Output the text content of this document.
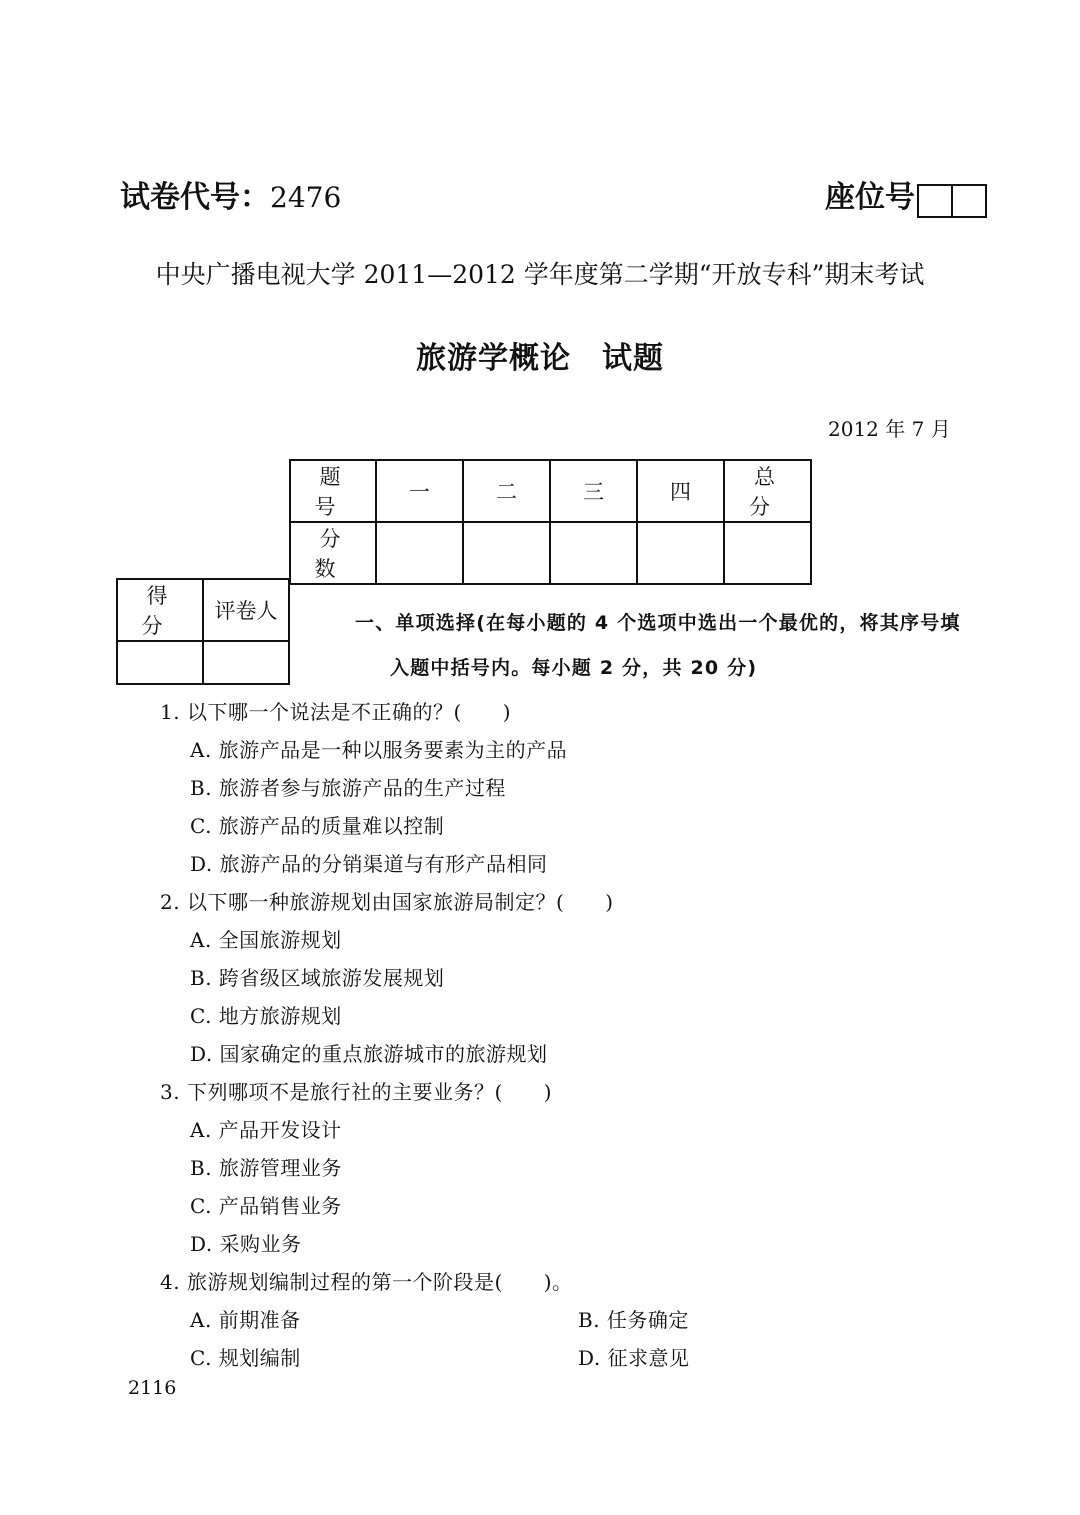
试卷代号：2476	座位号
中央广播电视大学 2011—2012 学年度第二学期“开放专科”期末考试
旅游学概论　试题
2012 年 7 月
题 号	一	二	三	四	总 分
分 数					
得 分	评卷人
		一、单项选择(在每小题的 4 个选项中选出一个最优的，将其序号填
入题中括号内。每小题 2 分，共 20 分)
1. 以下哪一个说法是不正确的？(　　)
A. 旅游产品是一种以服务要素为主的产品
B. 旅游者参与旅游产品的生产过程
C. 旅游产品的质量难以控制
D. 旅游产品的分销渠道与有形产品相同
2. 以下哪一种旅游规划由国家旅游局制定？(　　)
A. 全国旅游规划
B. 跨省级区域旅游发展规划
C. 地方旅游规划
D. 国家确定的重点旅游城市的旅游规划
3. 下列哪项不是旅行社的主要业务？(　　)
A. 产品开发设计
B. 旅游管理业务
C. 产品销售业务
D. 采购业务
4. 旅游规划编制过程的第一个阶段是(　　)。
A. 前期准备	B. 任务确定
C. 规划编制	D. 征求意见
2116
